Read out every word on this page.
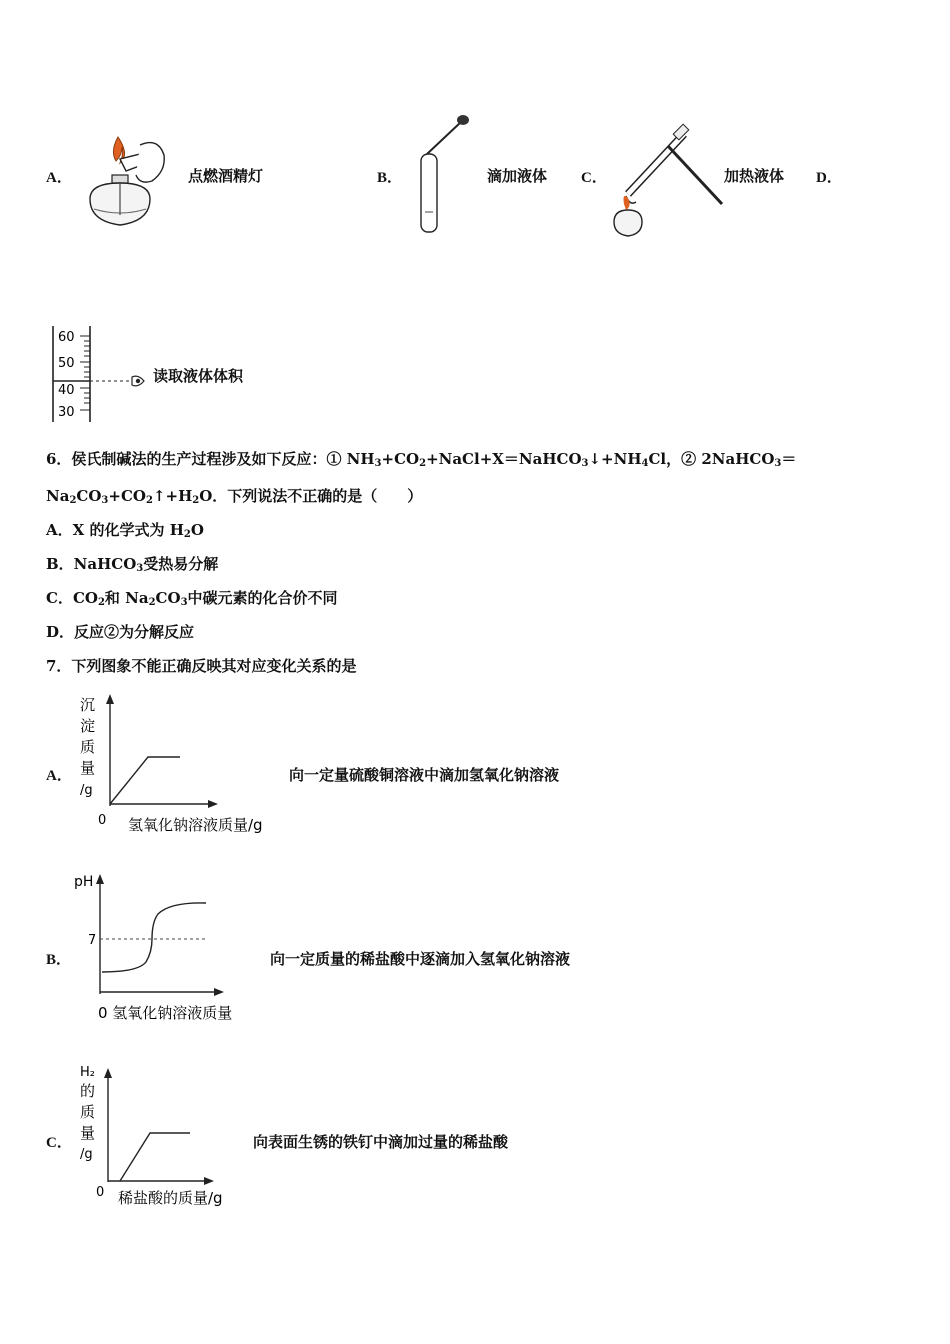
A．	点燃酒精灯	B．	滴加液体 C．	加热液体 D．
60
50
40
30
读取液体体积
6．侯氏制碱法的生产过程涉及如下反应：① $NH_3+CO_2+NaCl+X=NaHCO_3↓+NH_4Cl$，② 2NaHCO$_3$＝
$Na_2CO_3+CO_2↑+H_2O$．下列说法不正确的是（　　）
A．X 的化学式为 $H_2O$
B．NaHCO$_3$受热易分解
C．$CO_2$和 $Na_2CO_3$中碳元素的化合价不同
D．反应②为分解反应
7．下列图象不能正确反映其对应变化关系的是
A．
沉
淀
质
量
/g
0 氢氧化钠溶液质量/g
向一定量硫酸铜溶液中滴加氢氧化钠溶液
B．
pH
7
0 氢氧化钠溶液质量
向一定质量的稀盐酸中逐滴加入氢氧化钠溶液
C．
H₂
的
质
量
/g
0 稀盐酸的质量/g
向表面生锈的铁钉中滴加过量的稀盐酸
